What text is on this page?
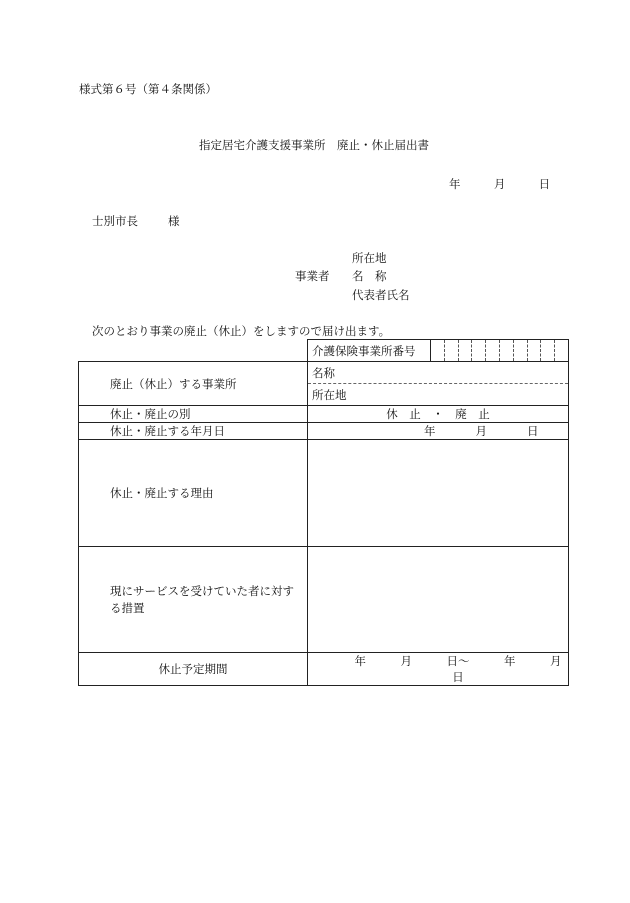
様式第６号（第４条関係）
指定居宅介護支援事業所　廃止・休止届出書
年	月	日
士別市長	様
所在地
事業者 名　称
代表者氏名
次のとおり事業の廃止（休止）をしますので届け出ます。

介護保険事業所番号

廃止（休止）する事業所	名称
所在地

休止・廃止の別	休　止　・　廃　止
休止・廃止する年月日	年 月 日

休止・廃止する理由	
現にサービスを受けていた者に対する措置	
休止予定期間	年　　　月　　　日～　　　年　　　月　　　日
